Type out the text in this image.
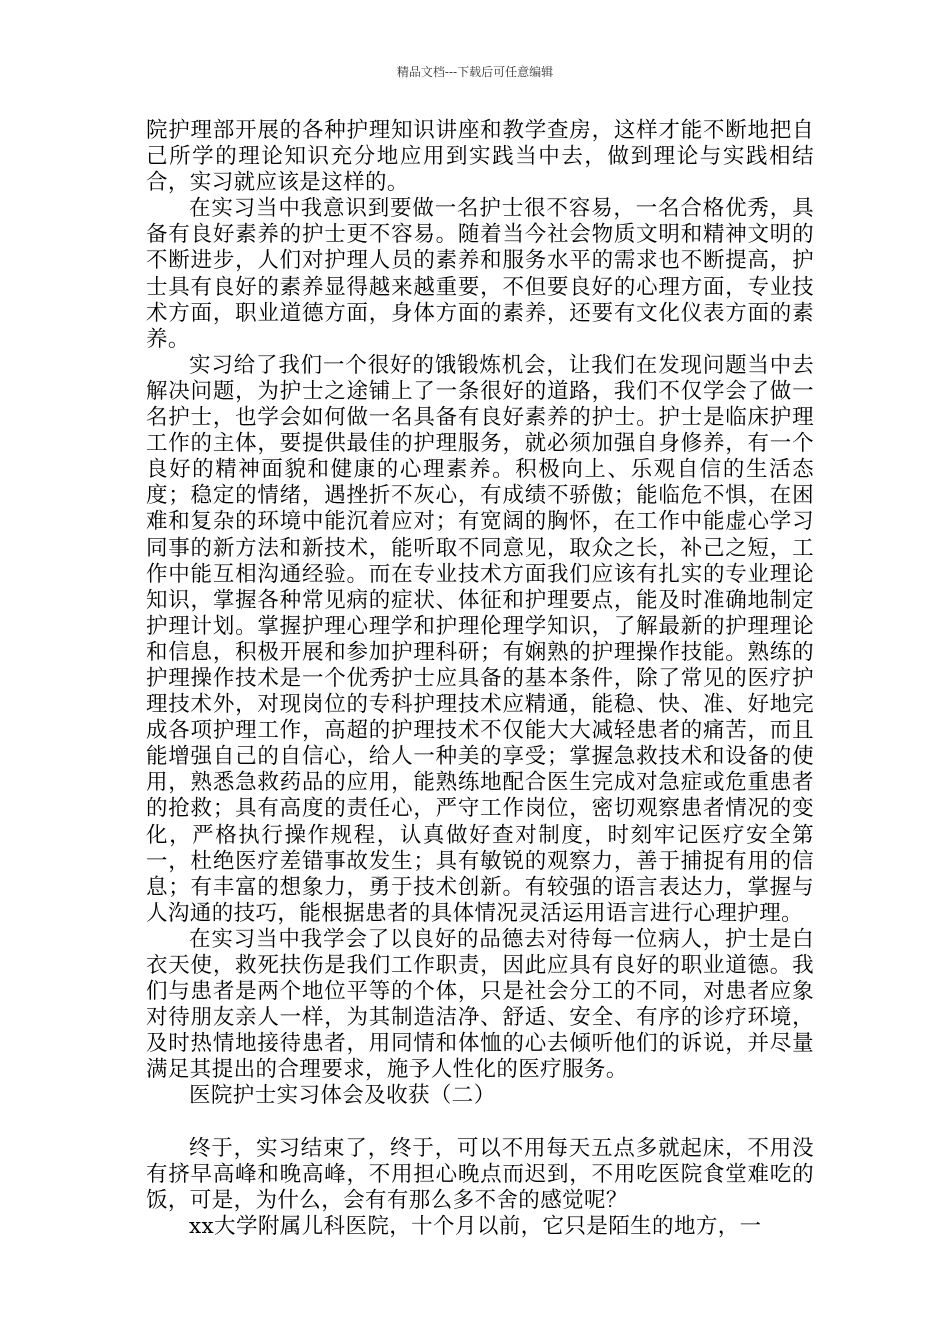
精品文档---下载后可任意编辑

院护理部开展的各种护理知识讲座和教学查房，这样才能不断地把自己所学的理论知识充分地应用到实践当中去，做到理论与实践相结合，实习就应该是这样的。

在实习当中我意识到要做一名护士很不容易，一名合格优秀，具备有良好素养的护士更不容易。随着当今社会物质文明和精神文明的不断进步，人们对护理人员的素养和服务水平的需求也不断提高，护士具有良好的素养显得越来越重要，不但要良好的心理方面，专业技术方面，职业道德方面，身体方面的素养，还要有文化仪表方面的素养。

实习给了我们一个很好的饿锻炼机会，让我们在发现问题当中去解决问题，为护士之途铺上了一条很好的道路，我们不仅学会了做一名护士，也学会如何做一名具备有良好素养的护士。护士是临床护理工作的主体，要提供最佳的护理服务，就必须加强自身修养，有一个良好的精神面貌和健康的心理素养。积极向上、乐观自信的生活态度；稳定的情绪，遇挫折不灰心，有成绩不骄傲；能临危不惧，在困难和复杂的环境中能沉着应对；有宽阔的胸怀，在工作中能虚心学习同事的新方法和新技术，能听取不同意见，取众之长，补己之短，工作中能互相沟通经验。而在专业技术方面我们应该有扎实的专业理论知识，掌握各种常见病的症状、体征和护理要点，能及时准确地制定护理计划。掌握护理心理学和护理伦理学知识，了解最新的护理理论和信息，积极开展和参加护理科研；有娴熟的护理操作技能。熟练的护理操作技术是一个优秀护士应具备的基本条件，除了常见的医疗护理技术外，对现岗位的专科护理技术应精通，能稳、快、准、好地完成各项护理工作，高超的护理技术不仅能大大减轻患者的痛苦，而且能增强自己的自信心，给人一种美的享受；掌握急救技术和设备的使用，熟悉急救药品的应用，能熟练地配合医生完成对急症或危重患者的抢救；具有高度的责任心，严守工作岗位，密切观察患者情况的变化，严格执行操作规程，认真做好查对制度，时刻牢记医疗安全第一，杜绝医疗差错事故发生；具有敏锐的观察力，善于捕捉有用的信息；有丰富的想象力，勇于技术创新。有较强的语言表达力，掌握与人沟通的技巧，能根据患者的具体情况灵活运用语言进行心理护理。

在实习当中我学会了以良好的品德去对待每一位病人，护士是白衣天使，救死扶伤是我们工作职责，因此应具有良好的职业道德。我们与患者是两个地位平等的个体，只是社会分工的不同，对患者应象对待朋友亲人一样，为其制造洁净、舒适、安全、有序的诊疗环境，及时热情地接待患者，用同情和体恤的心去倾听他们的诉说，并尽量满足其提出的合理要求，施予人性化的医疗服务。

医院护士实习体会及收获（二）

终于，实习结束了，终于，可以不用每天五点多就起床，不用没有挤早高峰和晚高峰，不用担心晚点而迟到，不用吃医院食堂难吃的饭，可是，为什么，会有有那么多不舍的感觉呢？

xx大学附属儿科医院，十个月以前，它只是陌生的地方，一
